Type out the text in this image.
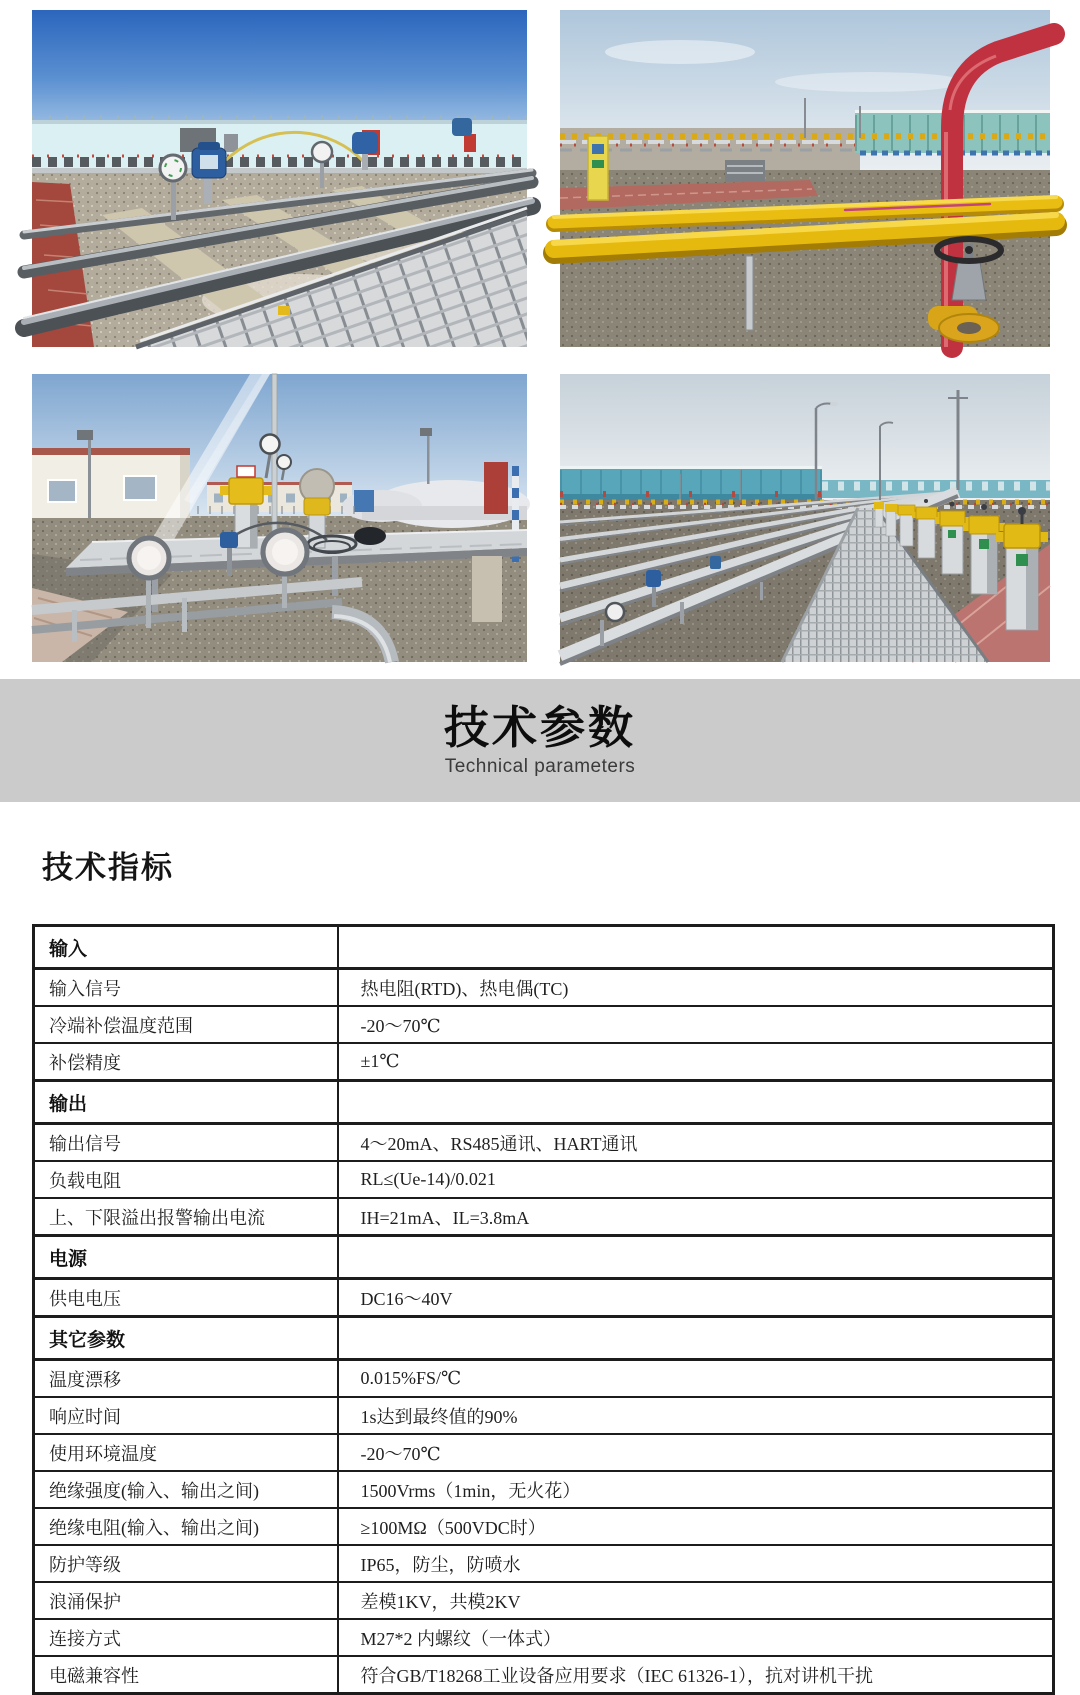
技术参数

Technical parameters

技术指标
输入	
输入信号	热电阻(RTD)、热电偶(TC)
冷端补偿温度范围	-20～70℃
补偿精度	±1℃
输出	
输出信号	4～20mA、RS485通讯、HART通讯
负载电阻	RL≤(Ue-14)/0.021
上、下限溢出报警输出电流	IH=21mA、IL=3.8mA
电源	
供电电压	DC16～40V
其它参数	
温度漂移	0.015%FS/℃
响应时间	1s达到最终值的90%
使用环境温度	-20～70℃
绝缘强度(输入、输出之间)	1500Vrms（1min，无火花）
绝缘电阻(输入、输出之间)	≥100MΩ（500VDC时）
防护等级	IP65，防尘，防喷水
浪涌保护	差模1KV，共模2KV
连接方式	M27*2 内螺纹（一体式）
电磁兼容性	符合GB/T18268工业设备应用要求（IEC 61326-1），抗对讲机干扰
